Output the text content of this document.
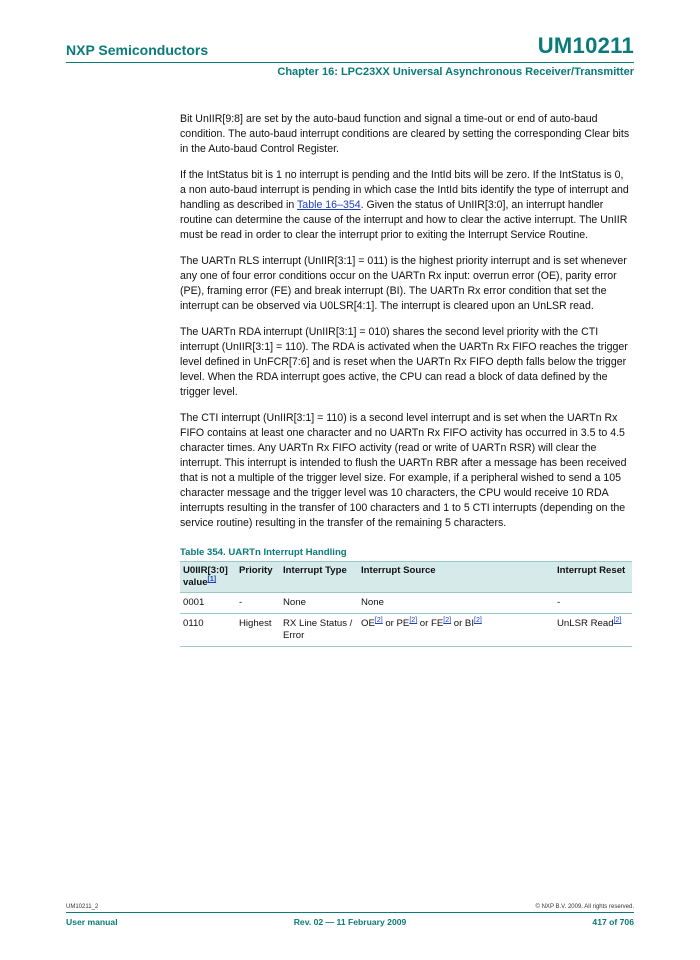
NXP Semiconductors	UM10211
Chapter 16: LPC23XX Universal Asynchronous Receiver/Transmitter

Bit UnIIR[9:8] are set by the auto-baud function and signal a time-out or end of auto-baud condition. The auto-baud interrupt conditions are cleared by setting the corresponding Clear bits in the Auto-baud Control Register.

If the IntStatus bit is 1 no interrupt is pending and the IntId bits will be zero. If the IntStatus is 0, a non auto-baud interrupt is pending in which case the IntId bits identify the type of interrupt and handling as described in Table 16–354. Given the status of UnIIR[3:0], an interrupt handler routine can determine the cause of the interrupt and how to clear the active interrupt. The UnIIR must be read in order to clear the interrupt prior to exiting the Interrupt Service Routine.

The UARTn RLS interrupt (UnIIR[3:1] = 011) is the highest priority interrupt and is set whenever any one of four error conditions occur on the UARTn Rx input: overrun error (OE), parity error (PE), framing error (FE) and break interrupt (BI). The UARTn Rx error condition that set the interrupt can be observed via U0LSR[4:1]. The interrupt is cleared upon an UnLSR read.

The UARTn RDA interrupt (UnIIR[3:1] = 010) shares the second level priority with the CTI interrupt (UnIIR[3:1] = 110). The RDA is activated when the UARTn Rx FIFO reaches the trigger level defined in UnFCR[7:6] and is reset when the UARTn Rx FIFO depth falls below the trigger level. When the RDA interrupt goes active, the CPU can read a block of data defined by the trigger level.

The CTI interrupt (UnIIR[3:1] = 110) is a second level interrupt and is set when the UARTn Rx FIFO contains at least one character and no UARTn Rx FIFO activity has occurred in 3.5 to 4.5 character times. Any UARTn Rx FIFO activity (read or write of UARTn RSR) will clear the interrupt. This interrupt is intended to flush the UARTn RBR after a message has been received that is not a multiple of the trigger level size. For example, if a peripheral wished to send a 105 character message and the trigger level was 10 characters, the CPU would receive 10 RDA interrupts resulting in the transfer of 100 characters and 1 to 5 CTI interrupts (depending on the service routine) resulting in the transfer of the remaining 5 characters.

Table 354. UARTn Interrupt Handling
U0IIR[3:0] value[1]	Priority	Interrupt Type	Interrupt Source	Interrupt Reset
0001	-	None	None	-
0110	Highest	RX Line Status / Error	OE[2] or PE[2] or FE[2] or BI[2]	UnLSR Read[2]
UM10211_2	© NXP B.V. 2009. All rights reserved.
User manual	Rev. 02 — 11 February 2009	417 of 706
